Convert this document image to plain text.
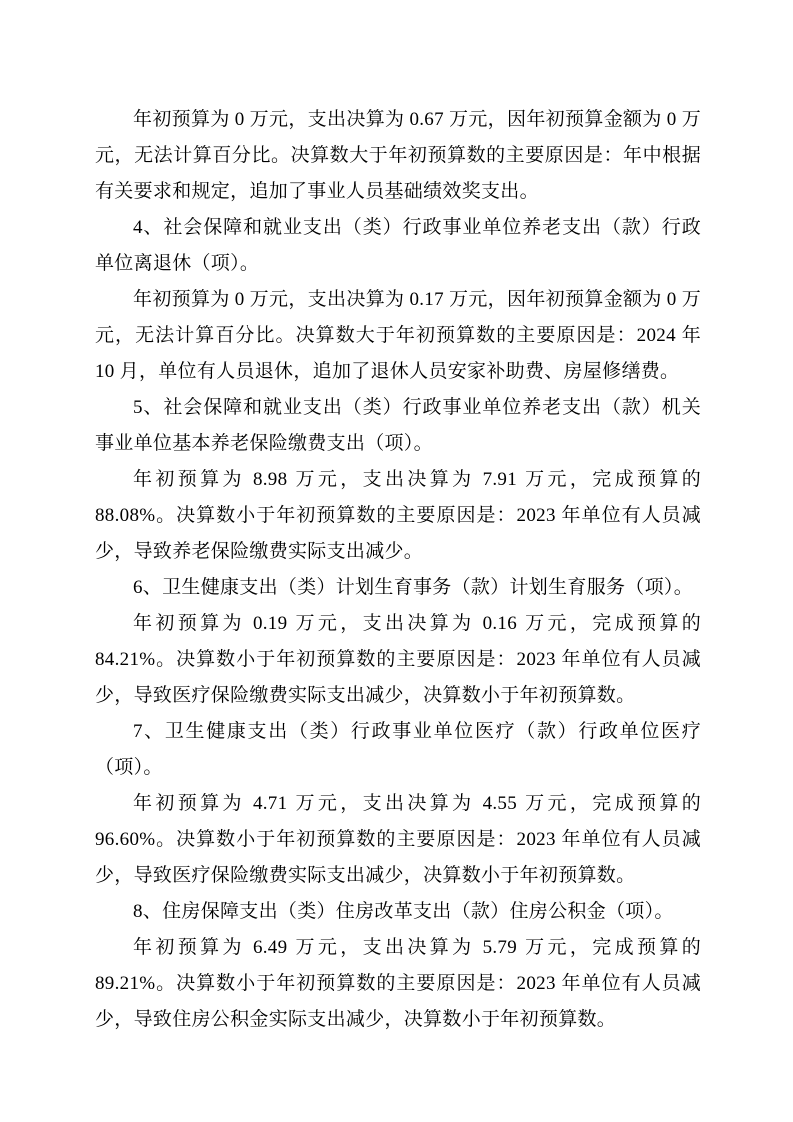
年初预算为 0 万元，支出决算为 0.67 万元，因年初预算金额为 0 万元，无法计算百分比。决算数大于年初预算数的主要原因是：年中根据有关要求和规定，追加了事业人员基础绩效奖支出。

4、社会保障和就业支出（类）行政事业单位养老支出（款）行政单位离退休（项）。

年初预算为 0 万元，支出决算为 0.17 万元，因年初预算金额为 0 万元，无法计算百分比。决算数大于年初预算数的主要原因是：2024 年 10 月，单位有人员退休，追加了退休人员安家补助费、房屋修缮费。

5、社会保障和就业支出（类）行政事业单位养老支出（款）机关事业单位基本养老保险缴费支出（项）。

年初预算为 8.98 万元，支出决算为 7.91 万元，完成预算的 88.08%。决算数小于年初预算数的主要原因是：2023 年单位有人员减少，导致养老保险缴费实际支出减少。

6、卫生健康支出（类）计划生育事务（款）计划生育服务（项）。

年初预算为 0.19 万元，支出决算为 0.16 万元，完成预算的 84.21%。决算数小于年初预算数的主要原因是：2023 年单位有人员减少，导致医疗保险缴费实际支出减少，决算数小于年初预算数。

7、卫生健康支出（类）行政事业单位医疗（款）行政单位医疗（项）。

年初预算为 4.71 万元，支出决算为 4.55 万元，完成预算的 96.60%。决算数小于年初预算数的主要原因是：2023 年单位有人员减少，导致医疗保险缴费实际支出减少，决算数小于年初预算数。

8、住房保障支出（类）住房改革支出（款）住房公积金（项）。

年初预算为 6.49 万元，支出决算为 5.79 万元，完成预算的 89.21%。决算数小于年初预算数的主要原因是：2023 年单位有人员减少，导致住房公积金实际支出减少，决算数小于年初预算数。
